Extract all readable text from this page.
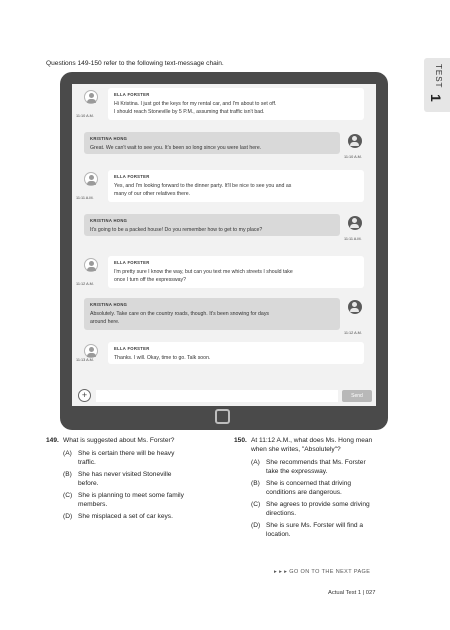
Questions 149-150 refer to the following text-message chain.
TEST
1
+	Send
ELLA FORSTER
Hi Kristina. I just got the keys for my rental car, and I'm about to set off.
I should reach Stoneville by 5 P.M., assuming that traffic isn't bad.
11:10 A.M.
KRISTINA HONG
Great. We can't wait to see you. It's been so long since you were last here.
11:10 A.M.
ELLA FORSTER
Yes, and I'm looking forward to the dinner party. It'll be nice to see you and as
many of our other relatives there.
11:11 A.M.
KRISTINA HONG
It's going to be a packed house! Do you remember how to get to my place?
11:11 A.M.
ELLA FORSTER
I'm pretty sure I know the way, but can you text me which streets I should take
once I turn off the expressway?
11:12 A.M.
KRISTINA HONG
Absolutely. Take care on the country roads, though. It's been snowing for days
around here.
11:12 A.M.
ELLA FORSTER
Thanks. I will. Okay, time to go. Talk soon.
11:13 A.M.
149. What is suggested about Ms. Forster?
(A) She is certain there will be heavy
traffic.
(B) She has never visited Stoneville
before.
(C) She is planning to meet some family
members.
(D) She misplaced a set of car keys.
150. At 11:12 A.M., what does Ms. Hong mean
when she writes, "Absolutely"?
(A) She recommends that Ms. Forster
take the expressway.
(B) She is concerned that driving
conditions are dangerous.
(C) She agrees to provide some driving
directions.
(D) She is sure Ms. Forster will find a
location.
▸ ▸ ▸ GO ON TO THE NEXT PAGE
Actual Test 1 | 027
